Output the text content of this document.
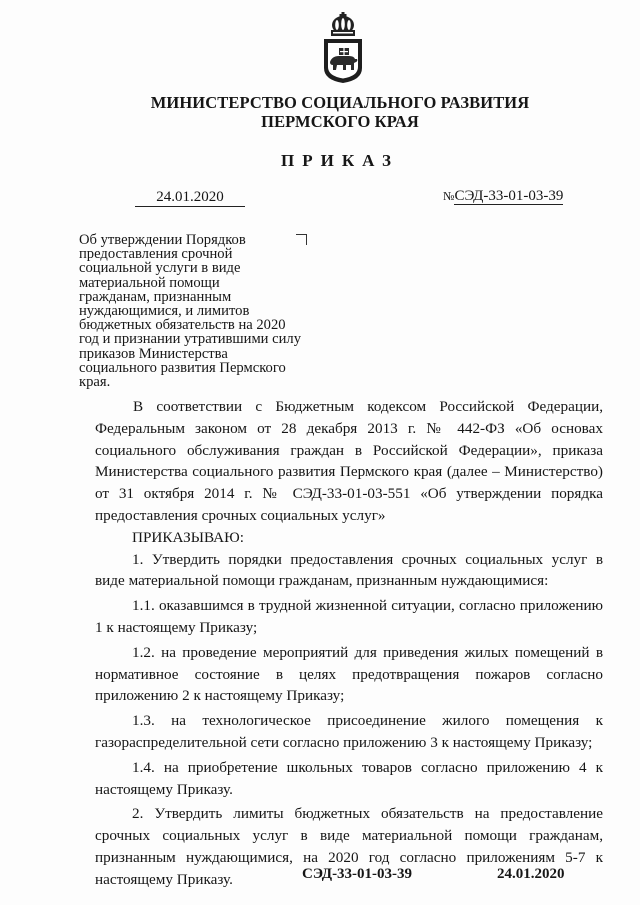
МИНИСТЕРСТВО СОЦИАЛЬНОГО РАЗВИТИЯ
ПЕРМСКОГО КРАЯ
ПРИКАЗ
24.01.2020	№СЭД-33-01-03-39
Об утверждении Порядков
предоставления срочной
социальной услуги в виде
материальной помощи
гражданам, признанным
нуждающимися, и лимитов
бюджетных обязательств на 2020
год и признании утратившими силу
приказов Министерства
социального развития Пермского
края.

В соответствии с Бюджетным кодексом Российской Федерации, Федеральным законом от 28 декабря 2013 г. № 442-ФЗ «Об основах социального обслуживания граждан в Российской Федерации», приказа Министерства социального развития Пермского края (далее – Министерство) от 31 октября 2014 г. № СЭД-33-01-03-551 «Об утверждении порядка предоставления срочных социальных услуг»

ПРИКАЗЫВАЮ:

1. Утвердить порядки предоставления срочных социальных услуг в виде материальной помощи гражданам, признанным нуждающимися:

1.1. оказавшимся в трудной жизненной ситуации, согласно приложению 1 к настоящему Приказу;

1.2. на проведение мероприятий для приведения жилых помещений в нормативное состояние в целях предотвращения пожаров согласно приложению 2 к настоящему Приказу;

1.3. на технологическое присоединение жилого помещения к газораспределительной сети согласно приложению 3 к настоящему Приказу;

1.4. на приобретение школьных товаров согласно приложению 4 к настоящему Приказу.

2. Утвердить лимиты бюджетных обязательств на предоставление срочных социальных услуг в виде материальной помощи гражданам, признанным нуждающимися, на 2020 год согласно приложениям 5-7 к настоящему Приказу.	СЭД-33-01-03-39	24.01.2020
